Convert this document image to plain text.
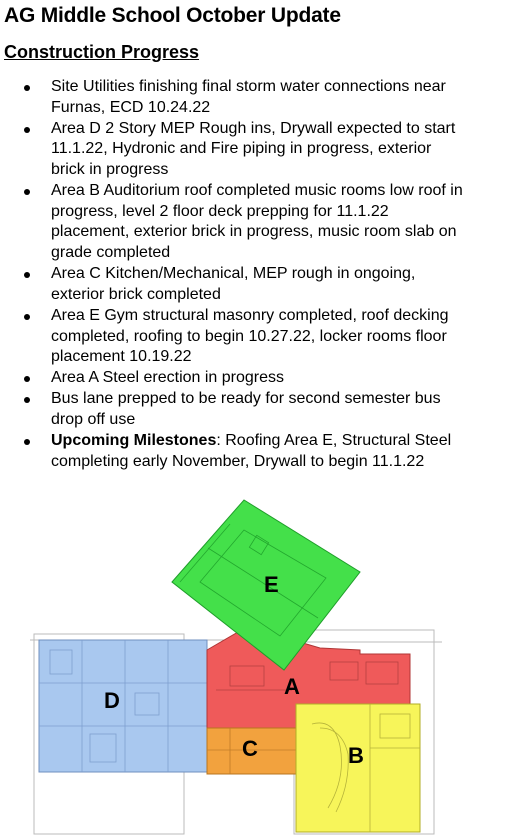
AG Middle School October Update
Construction Progress
Site Utilities finishing final storm water connections near
Furnas, ECD 10.24.22
Area D 2 Story MEP Rough ins, Drywall expected to start
11.1.22, Hydronic and Fire piping in progress, exterior
brick in progress
Area B Auditorium roof completed music rooms low roof in
progress, level 2 floor deck prepping for 11.1.22
placement, exterior brick in progress, music room slab on
grade completed
Area C Kitchen/Mechanical, MEP rough in ongoing,
exterior brick completed
Area E Gym structural masonry completed, roof decking
completed, roofing to begin 10.27.22, locker rooms floor
placement 10.19.22
Area A Steel erection in progress
Bus lane prepped to be ready for second semester bus
drop off use
Upcoming Milestones: Roofing Area E, Structural Steel
completing early November, Drywall to begin 11.1.22
E
D
A
C	B
